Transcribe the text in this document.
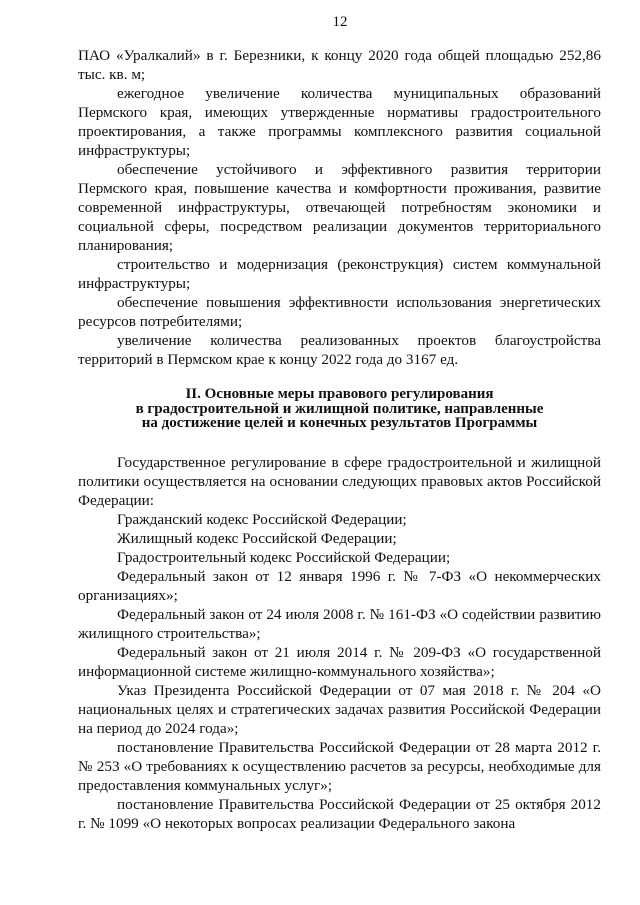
12

ПАО «Уралкалий» в г. Березники, к концу 2020 года общей площадью 252,86 тыс. кв. м;

ежегодное увеличение количества муниципальных образований Пермского края, имеющих утвержденные нормативы градостроительного проектирования, а также программы комплексного развития социальной инфраструктуры;

обеспечение устойчивого и эффективного развития территории Пермского края, повышение качества и комфортности проживания, развитие современной инфраструктуры, отвечающей потребностям экономики и социальной сферы, посредством реализации документов территориального планирования;

строительство и модернизация (реконструкция) систем коммунальной инфраструктуры;

обеспечение повышения эффективности использования энергетических ресурсов потребителями;

увеличение количества реализованных проектов благоустройства территорий в Пермском крае к концу 2022 года до 3167 ед.

II. Основные меры правового регулирования
в градостроительной и жилищной политике, направленные
на достижение целей и конечных результатов Программы

Государственное регулирование в сфере градостроительной и жилищной политики осуществляется на основании следующих правовых актов Российской Федерации:

Гражданский кодекс Российской Федерации;

Жилищный кодекс Российской Федерации;

Градостроительный кодекс Российской Федерации;

Федеральный закон от 12 января 1996 г. № 7-ФЗ «О некоммерческих организациях»;

Федеральный закон от 24 июля 2008 г. № 161-ФЗ «О содействии развитию жилищного строительства»;

Федеральный закон от 21 июля 2014 г. № 209-ФЗ «О государственной информационной системе жилищно-коммунального хозяйства»;

Указ Президента Российской Федерации от 07 мая 2018 г. № 204 «О национальных целях и стратегических задачах развития Российской Федерации на период до 2024 года»;

постановление Правительства Российской Федерации от 28 марта 2012 г. № 253 «О требованиях к осуществлению расчетов за ресурсы, необходимые для предоставления коммунальных услуг»;

постановление Правительства Российской Федерации от 25 октября 2012 г. № 1099 «О некоторых вопросах реализации Федерального закона
